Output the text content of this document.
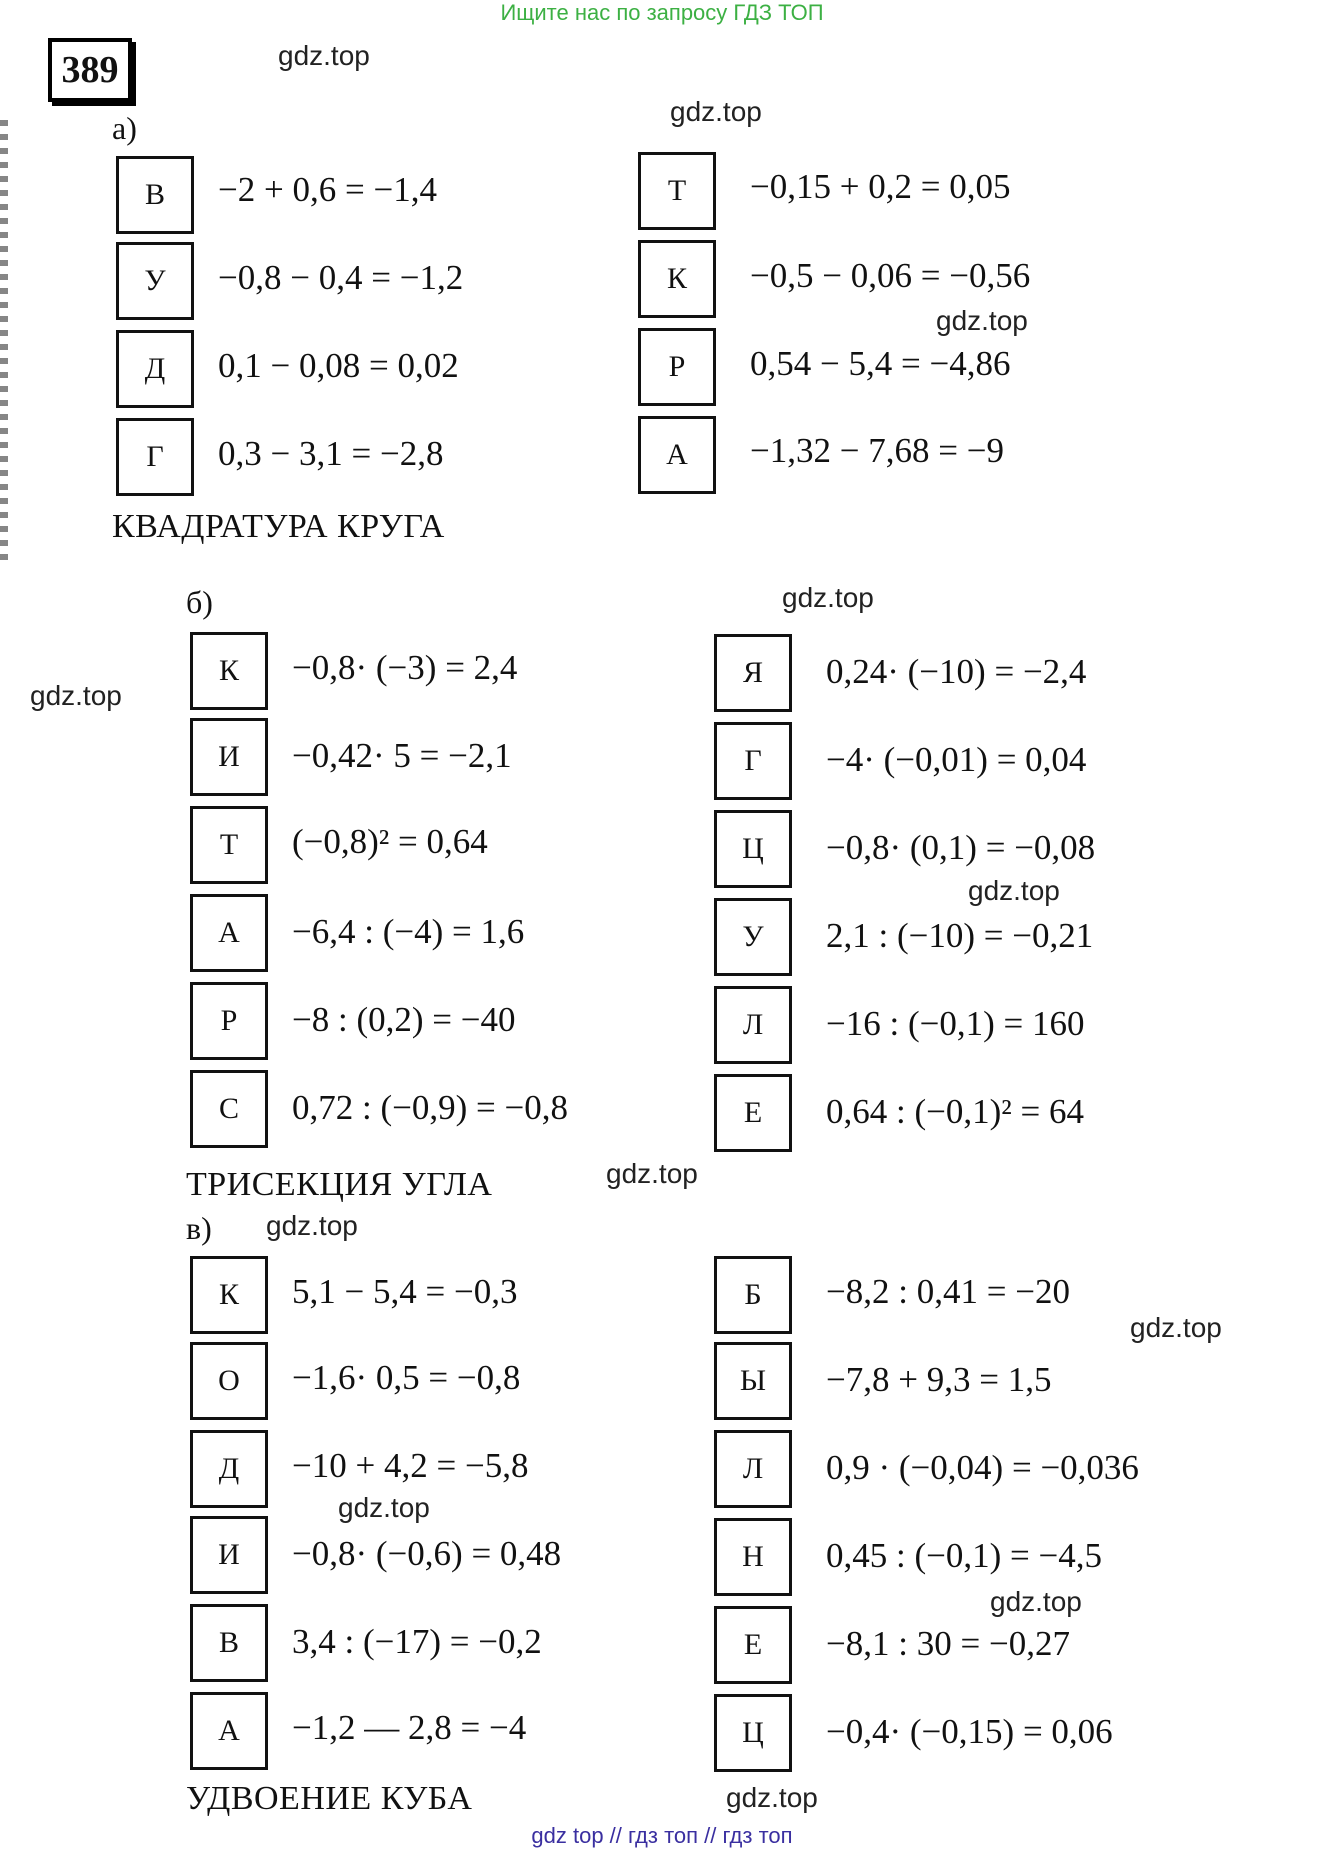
Ищите нас по запросу ГДЗ ТОП
389	gdz.top
gdz.top
gdz.top
gdz.top
gdz.top
gdz.top
gdz.top
gdz.top
gdz.top
gdz.top
gdz.top
gdz.top
а)
В	−2 + 0,6 = −1,4
У	−0,8 − 0,4 = −1,2
Д	0,1 − 0,08 = 0,02
Г	0,3 − 3,1 = −2,8
Т	−0,15 + 0,2 = 0,05
К	−0,5 − 0,06 = −0,56
Р	0,54 − 5,4 = −4,86
А	−1,32 − 7,68 = −9
КВАДРАТУРА КРУГА
б)
К	−0,8· (−3) = 2,4
И	−0,42· 5 = −2,1
Т	(−0,8)² = 0,64
А	−6,4 : (−4) = 1,6
Р	−8 : (0,2) = −40
С	0,72 : (−0,9) = −0,8
Я	0,24· (−10) = −2,4
Г	−4· (−0,01) = 0,04
Ц	−0,8· (0,1) = −0,08
У	2,1 : (−10) = −0,21
Л	−16 : (−0,1) = 160
Е	0,64 : (−0,1)² = 64
ТРИСЕКЦИЯ УГЛА
в)
К	5,1 − 5,4 = −0,3
О	−1,6· 0,5 = −0,8
Д	−10 + 4,2 = −5,8
И	−0,8· (−0,6) = 0,48
В	3,4 : (−17) = −0,2
А	−1,2 — 2,8 = −4
Б	−8,2 : 0,41 = −20
Ы	−7,8 + 9,3 = 1,5
Л	0,9 · (−0,04) = −0,036
Н	0,45 : (−0,1) = −4,5
Е	−8,1 : 30 = −0,27
Ц	−0,4· (−0,15) = 0,06
УДВОЕНИЕ КУБА
gdz top // гдз топ // гдз топ
